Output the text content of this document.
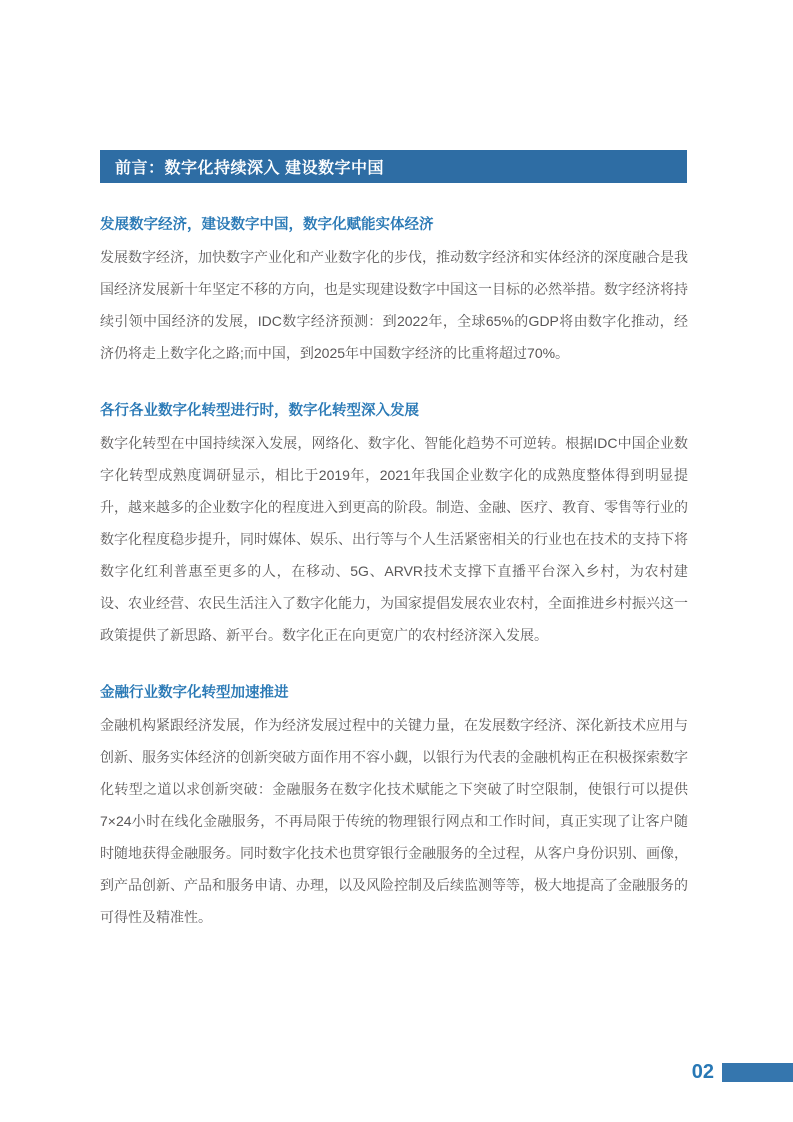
前言：数字化持续深入 建设数字中国
发展数字经济，建设数字中国，数字化赋能实体经济

发展数字经济，加快数字产业化和产业数字化的步伐，推动数字经济和实体经济的深度融合是我国经济发展新十年坚定不移的方向，也是实现建设数字中国这一目标的必然举措。数字经济将持续引领中国经济的发展，IDC数字经济预测：到2022年，全球65%的GDP将由数字化推动，经济仍将走上数字化之路;而中国，到2025年中国数字经济的比重将超过70%。

各行各业数字化转型进行时，数字化转型深入发展

数字化转型在中国持续深入发展，网络化、数字化、智能化趋势不可逆转。根据IDC中国企业数字化转型成熟度调研显示，相比于2019年，2021年我国企业数字化的成熟度整体得到明显提升，越来越多的企业数字化的程度进入到更高的阶段。制造、金融、医疗、教育、零售等行业的数字化程度稳步提升，同时媒体、娱乐、出行等与个人生活紧密相关的行业也在技术的支持下将数字化红利普惠至更多的人，在移动、5G、ARVR技术支撑下直播平台深入乡村，为农村建设、农业经营、农民生活注入了数字化能力，为国家提倡发展农业农村，全面推进乡村振兴这一政策提供了新思路、新平台。数字化正在向更宽广的农村经济深入发展。

金融行业数字化转型加速推进

金融机构紧跟经济发展，作为经济发展过程中的关键力量，在发展数字经济、深化新技术应用与创新、服务实体经济的创新突破方面作用不容小觑，以银行为代表的金融机构正在积极探索数字化转型之道以求创新突破：金融服务在数字化技术赋能之下突破了时空限制，使银行可以提供7×24小时在线化金融服务，不再局限于传统的物理银行网点和工作时间，真正实现了让客户随时随地获得金融服务。同时数字化技术也贯穿银行金融服务的全过程，从客户身份识别、画像，到产品创新、产品和服务申请、办理，以及风险控制及后续监测等等，极大地提高了金融服务的可得性及精准性。

02
